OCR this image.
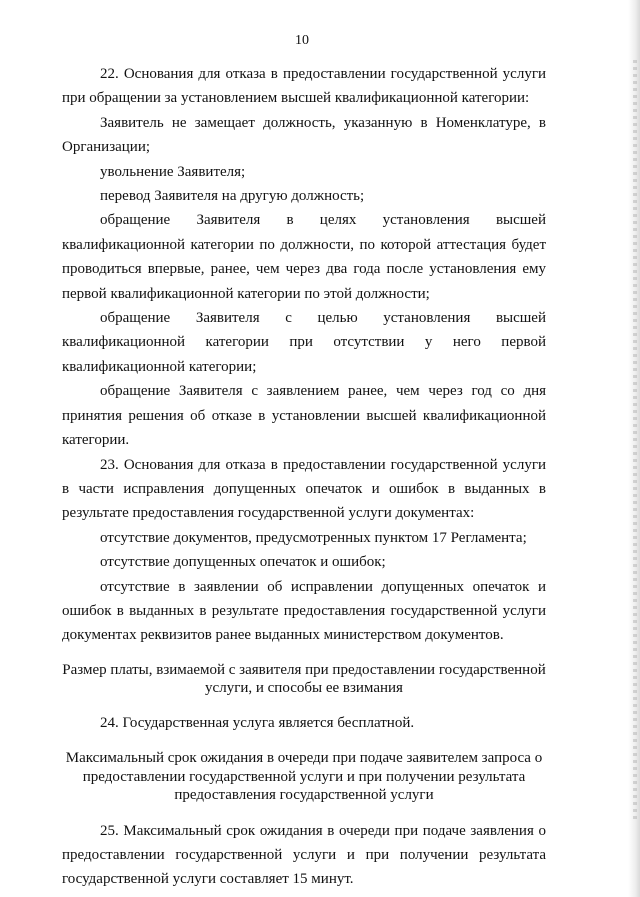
10

22. Основания для отказа в предоставлении государственной услуги при обращении за установлением высшей квалификационной категории:

Заявитель не замещает должность, указанную в Номенклатуре, в Организации;

увольнение Заявителя;

перевод Заявителя на другую должность;

обращение Заявителя в целях установления высшей квалификационной категории по должности, по которой аттестация будет проводиться впервые, ранее, чем через два года после установления ему первой квалификационной категории по этой должности;

обращение Заявителя с целью установления высшей квалификационной категории при отсутствии у него первой квалификационной категории;

обращение Заявителя с заявлением ранее, чем через год со дня принятия решения об отказе в установлении высшей квалификационной категории.

23. Основания для отказа в предоставлении государственной услуги в части исправления допущенных опечаток и ошибок в выданных в результате предоставления государственной услуги документах:

отсутствие документов, предусмотренных пунктом 17 Регламента;

отсутствие допущенных опечаток и ошибок;

отсутствие в заявлении об исправлении допущенных опечаток и ошибок в выданных в результате предоставления государственной услуги документах реквизитов ранее выданных министерством документов.

Размер платы, взимаемой с заявителя при предоставлении государственной услуги, и способы ее взимания

24. Государственная услуга является бесплатной.

Максимальный срок ожидания в очереди при подаче заявителем запроса о предоставлении государственной услуги и при получении результата предоставления государственной услуги

25. Максимальный срок ожидания в очереди при подаче заявления о предоставлении государственной услуги и при получении результата государственной услуги составляет 15 минут.
